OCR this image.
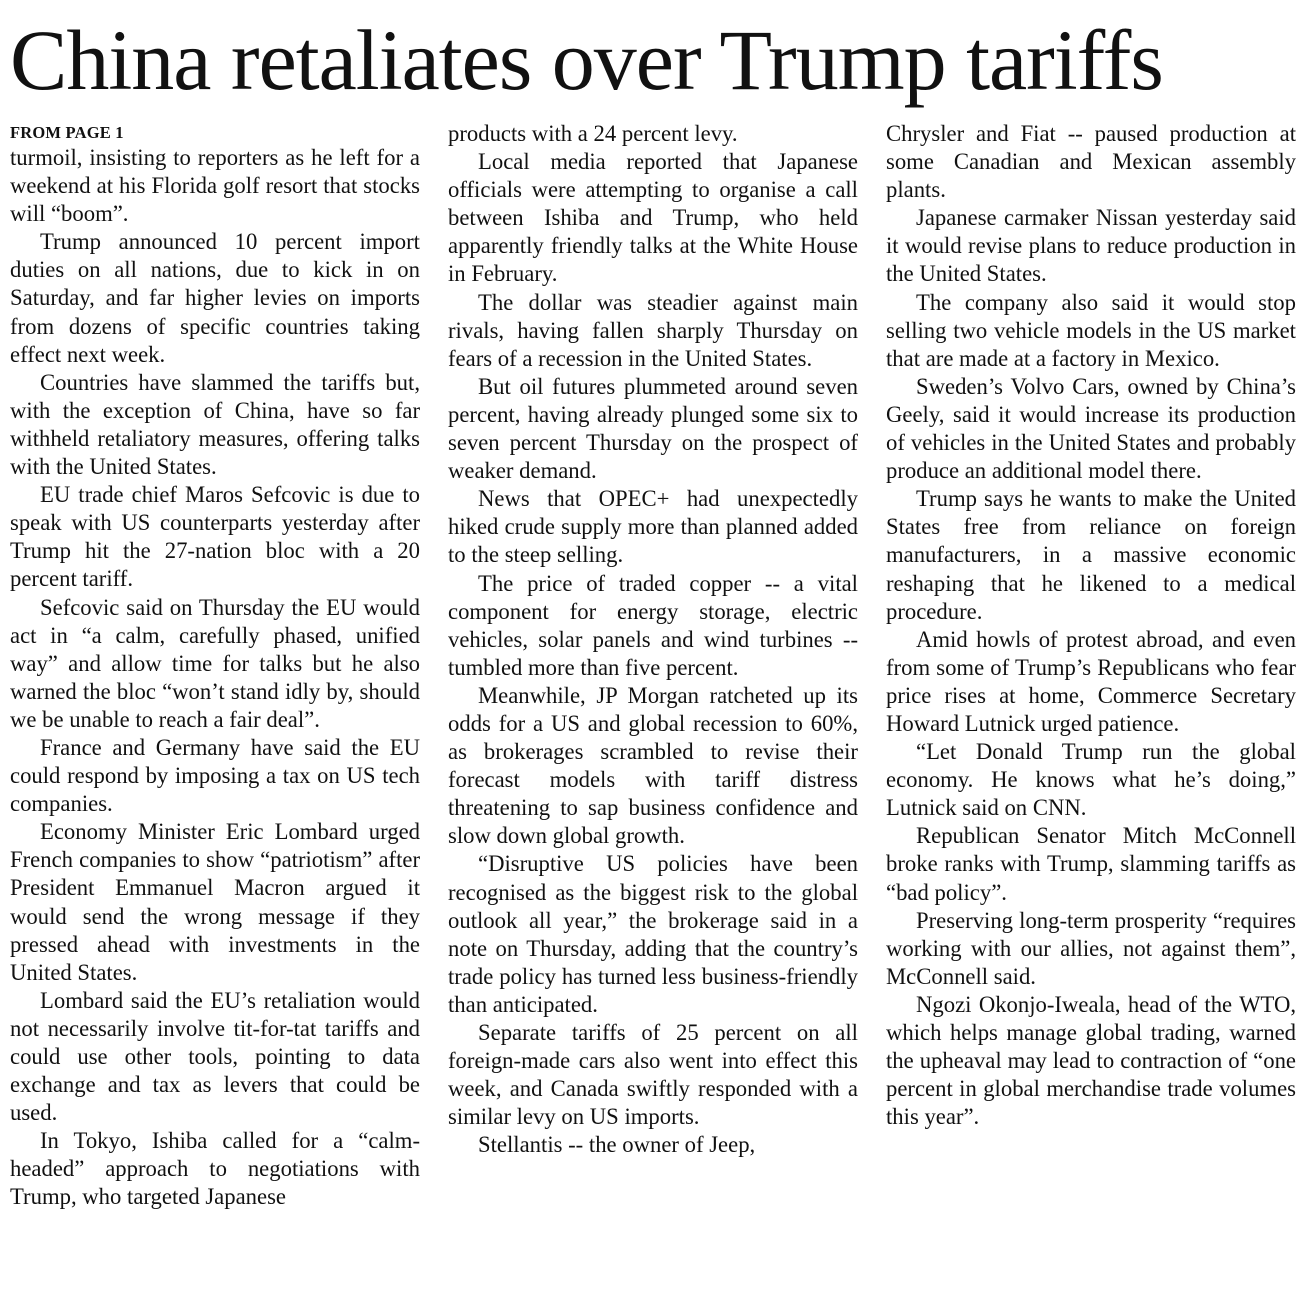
China retaliates over Trump tariffs
FROM PAGE 1

turmoil, insisting to reporters as he left for a weekend at his Florida golf resort that stocks will “boom”.

Trump announced 10 percent import duties on all nations, due to kick in on Saturday, and far higher levies on imports from dozens of specific countries taking effect next week.

Countries have slammed the tariffs but, with the exception of China, have so far withheld retaliatory measures, offering talks with the United States.

EU trade chief Maros Sefcovic is due to speak with US counterparts yesterday after Trump hit the 27-nation bloc with a 20 percent tariff.

Sefcovic said on Thursday the EU would act in “a calm, carefully phased, unified way” and allow time for talks but he also warned the bloc “won’t stand idly by, should we be unable to reach a fair deal”.

France and Germany have said the EU could respond by imposing a tax on US tech companies.

Economy Minister Eric Lombard urged French companies to show “patriotism” after President Emmanuel Macron argued it would send the wrong message if they pressed ahead with investments in the United States.

Lombard said the EU’s retaliation would not necessarily involve tit-for-tat tariffs and could use other tools, pointing to data exchange and tax as levers that could be used.

In Tokyo, Ishiba called for a “calm-headed” approach to negotiations with Trump, who targeted Japanese

products with a 24 percent levy.

Local media reported that Japanese officials were attempting to organise a call between Ishiba and Trump, who held apparently friendly talks at the White House in February.

The dollar was steadier against main rivals, having fallen sharply Thursday on fears of a recession in the United States.

But oil futures plummeted around seven percent, having already plunged some six to seven percent Thursday on the prospect of weaker demand.

News that OPEC+ had unexpectedly hiked crude supply more than planned added to the steep selling.

The price of traded copper -- a vital component for energy storage, electric vehicles, solar panels and wind turbines -- tumbled more than five percent.

Meanwhile, JP Morgan ratcheted up its odds for a US and global recession to 60%, as brokerages scrambled to revise their forecast models with tariff distress threatening to sap business confidence and slow down global growth.

“Disruptive US policies have been recognised as the biggest risk to the global outlook all year,” the brokerage said in a note on Thursday, adding that the country’s trade policy has turned less business-friendly than anticipated.

Separate tariffs of 25 percent on all foreign-made cars also went into effect this week, and Canada swiftly responded with a similar levy on US imports.

Stellantis -- the owner of Jeep,

Chrysler and Fiat -- paused production at some Canadian and Mexican assembly plants.

Japanese carmaker Nissan yesterday said it would revise plans to reduce production in the United States.

The company also said it would stop selling two vehicle models in the US market that are made at a factory in Mexico.

Sweden’s Volvo Cars, owned by China’s Geely, said it would increase its production of vehicles in the United States and probably produce an additional model there.

Trump says he wants to make the United States free from reliance on foreign manufacturers, in a massive economic reshaping that he likened to a medical procedure.

Amid howls of protest abroad, and even from some of Trump’s Republicans who fear price rises at home, Commerce Secretary Howard Lutnick urged patience.

“Let Donald Trump run the global economy. He knows what he’s doing,” Lutnick said on CNN.

Republican Senator Mitch McConnell broke ranks with Trump, slamming tariffs as “bad policy”.

Preserving long-term prosperity “requires working with our allies, not against them”, McConnell said.

Ngozi Okonjo-Iweala, head of the WTO, which helps manage global trading, warned the upheaval may lead to contraction of “one percent in global merchandise trade volumes this year”.
